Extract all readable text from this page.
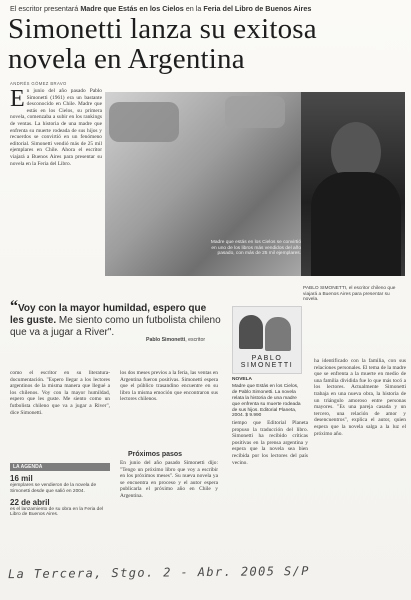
El escritor presentará Madre que Estás en los Cielos en la Feria del Libro de Buenos Aires
Simonetti lanza su exitosa
novela en Argentina
ANDRÉS GÓMEZ BRAVO
E n junio del año pasado Pablo Simonetti (1961) era un bastante desconocido en Chile. Madre que estás en los Cielos, su primera novela, comenzaba a subir en los rankings de ventas. La historia de una madre que enfrenta su muerte rodeada de sus hijos y recuerdos se convirtió en un fenómeno editorial. Simonetti vendió más de 25 mil ejemplares en Chile. Ahora el escritor viajará a Buenos Aires para presentar su novela en la Feria del Libro.
Madre que estás en los Cielos se convirtió en uno de los libros más vendidos del año pasado, con más de 25 mil ejemplares.
PABLO SIMONETTI, el escritor chileno que viajará a Buenos Aires para presentar su novela.
“Voy con la mayor humildad, espero que les guste. Me siento como un futbolista chileno que va a jugar a River".
Pablo Simonetti, escritor
PABLO SIMONETTI
NOVELA
Madre que Estás en los Cielos, de Pablo Simonetti. La novela relata la historia de una madre que enfrenta su muerte rodeada de sus hijos. Editorial Planeta, 2004. $ 9.990
como el escritor en su literatura-documentación. "Espero llegar a los lectores argentinos de la misma manera que llegué a los chilenos. Voy con la mayor humildad, espero que les guste. Me siento como un futbolista chileno que va a jugar a River", dice Simonetti.
los dos meses previos a la feria, las ventas en Argentina fueron positivas. Simonetti espera que el público trasandino encuentre en su libro la misma emoción que encontraron sus lectores chilenos.
Próximos pasos
En junio del año pasado Simonetti dijo: "Tengo un próximo libro que voy a escribir en los próximos meses". Su nueva novela ya se encuentra en proceso y el autor espera publicarla el próximo año en Chile y Argentina.
tiempo que Editorial Planeta propuso la traducción del libro. Simonetti ha recibido críticas positivas en la prensa argentina y espera que la novela sea bien recibida por los lectores del país vecino.
ha identificado con la familia, con sus relaciones personales. El tema de la madre que se enfrenta a la muerte en medio de una familia dividida fue lo que más tocó a los lectores. Actualmente Simonetti trabaja en una nueva obra, la historia de un triángulo amoroso entre personas mayores. "Es una pareja casada y un tercero, una relación de amor y desencuentros", explica el autor, quien espera que la novela salga a la luz el próximo año.
LA AGENDA
16 mil
ejemplares se vendieron de la novela de Simonetti desde que salió en 2004.
22 de abril
es el lanzamiento de su obra en la Feria del Libro de Buenos Aires.
La Tercera, Stgo. 2 - Abr. 2005 S/P
